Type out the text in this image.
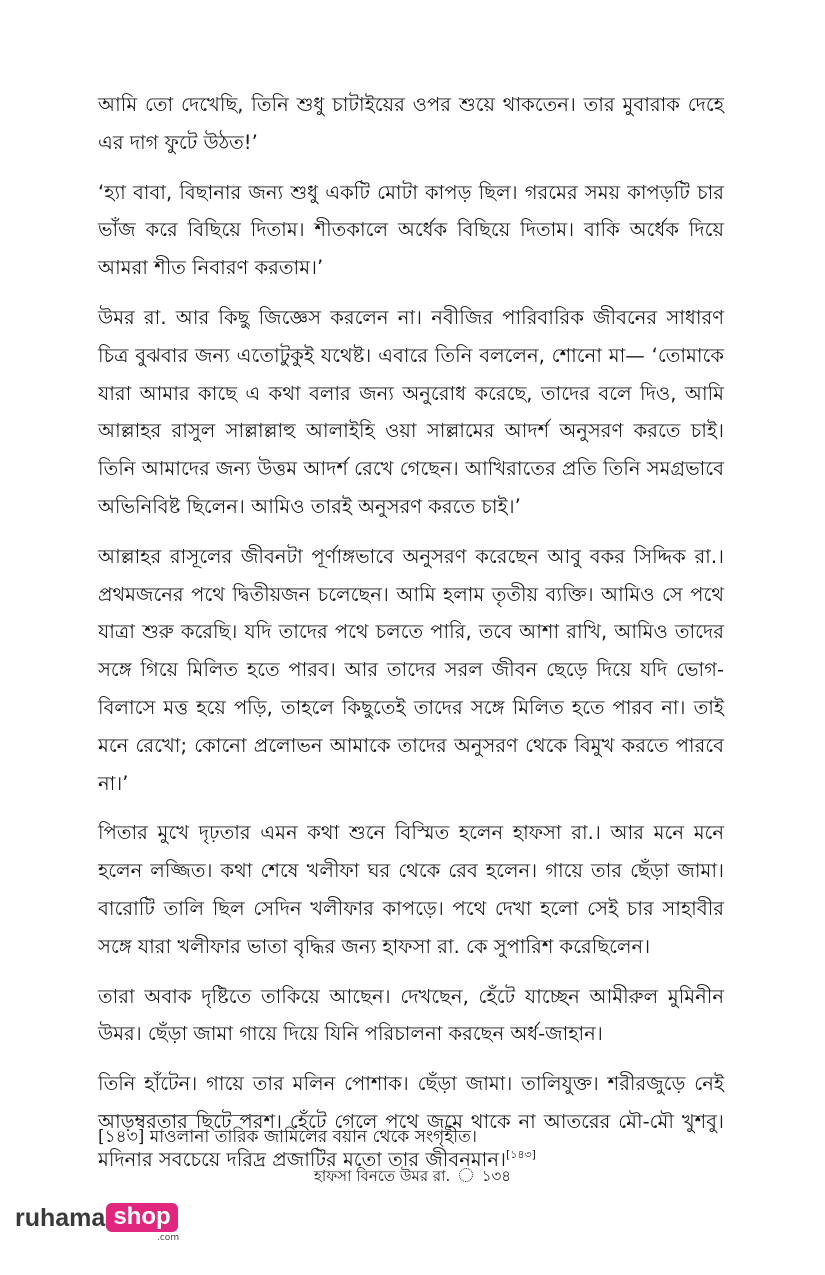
আমি তো দেখেছি, তিনি শুধু চাটাইয়ের ওপর শুয়ে থাকতেন। তার মুবারাক দেহে এর দাগ ফুটে উঠত!’

‘হ্যা বাবা, বিছানার জন্য শুধু একটি মোটা কাপড় ছিল। গরমের সময় কাপড়টি চার ভাঁজ করে বিছিয়ে দিতাম। শীতকালে অর্ধেক বিছিয়ে দিতাম। বাকি অর্ধেক দিয়ে আমরা শীত নিবারণ করতাম।’

উমর রা. আর কিছু জিজ্ঞেস করলেন না। নবীজির পারিবারিক জীবনের সাধারণ চিত্র বুঝবার জন্য এতোটুকুই যথেষ্ট। এবারে তিনি বললেন, শোনো মা— ‘তোমাকে যারা আমার কাছে এ কথা বলার জন্য অনুরোধ করেছে, তাদের বলে দিও, আমি আল্লাহর রাসুল সাল্লাল্লাহু আলাইহি ওয়া সাল্লামের আদর্শ অনুসরণ করতে চাই। তিনি আমাদের জন্য উত্তম আদর্শ রেখে গেছেন। আখিরাতের প্রতি তিনি সমগ্রভাবে অভিনিবিষ্ট ছিলেন। আমিও তারই অনুসরণ করতে চাই।’

আল্লাহর রাসূলের জীবনটা পূর্ণাঙ্গভাবে অনুসরণ করেছেন আবু বকর সিদ্দিক রা.। প্রথমজনের পথে দ্বিতীয়জন চলেছেন। আমি হলাম তৃতীয় ব্যক্তি। আমিও সে পথে যাত্রা শুরু করেছি। যদি তাদের পথে চলতে পারি, তবে আশা রাখি, আমিও তাদের সঙ্গে গিয়ে মিলিত হতে পারব। আর তাদের সরল জীবন ছেড়ে দিয়ে যদি ভোগ-বিলাসে মত্ত হয়ে পড়ি, তাহলে কিছুতেই তাদের সঙ্গে মিলিত হতে পারব না। তাই মনে রেখো; কোনো প্রলোভন আমাকে তাদের অনুসরণ থেকে বিমুখ করতে পারবে না।’

পিতার মুখে দৃঢ়তার এমন কথা শুনে বিস্মিত হলেন হাফসা রা.। আর মনে মনে হলেন লজ্জিত। কথা শেষে খলীফা ঘর থেকে রেব হলেন। গায়ে তার ছেঁড়া জামা। বারোটি তালি ছিল সেদিন খলীফার কাপড়ে। পথে দেখা হলো সেই চার সাহাবীর সঙ্গে যারা খলীফার ভাতা বৃদ্ধির জন্য হাফসা রা. কে সুপারিশ করেছিলেন।

তারা অবাক দৃষ্টিতে তাকিয়ে আছেন। দেখছেন, হেঁটে যাচ্ছেন আমীরুল মুমিনীন উমর। ছেঁড়া জামা গায়ে দিয়ে যিনি পরিচালনা করছেন অর্ধ-জাহান।

তিনি হাঁটেন। গায়ে তার মলিন পোশাক। ছেঁড়া জামা। তালিযুক্ত। শরীরজুড়ে নেই আড়ম্বরতার ছিটে পরশ। হেঁটে গেলে পথে জমে থাকে না আতরের মৌ-মৌ খুশবু। মদিনার সবচেয়ে দরিদ্র প্রজাটির মতো তার জীবনমান।[১৪৩]

[১৪৩] মাওলানা তারিক জামিলের বয়ান থেকে সংগৃহীত।
হাফসা বিনতে উমর রা. ১৩৪
ruhama shop
.com
